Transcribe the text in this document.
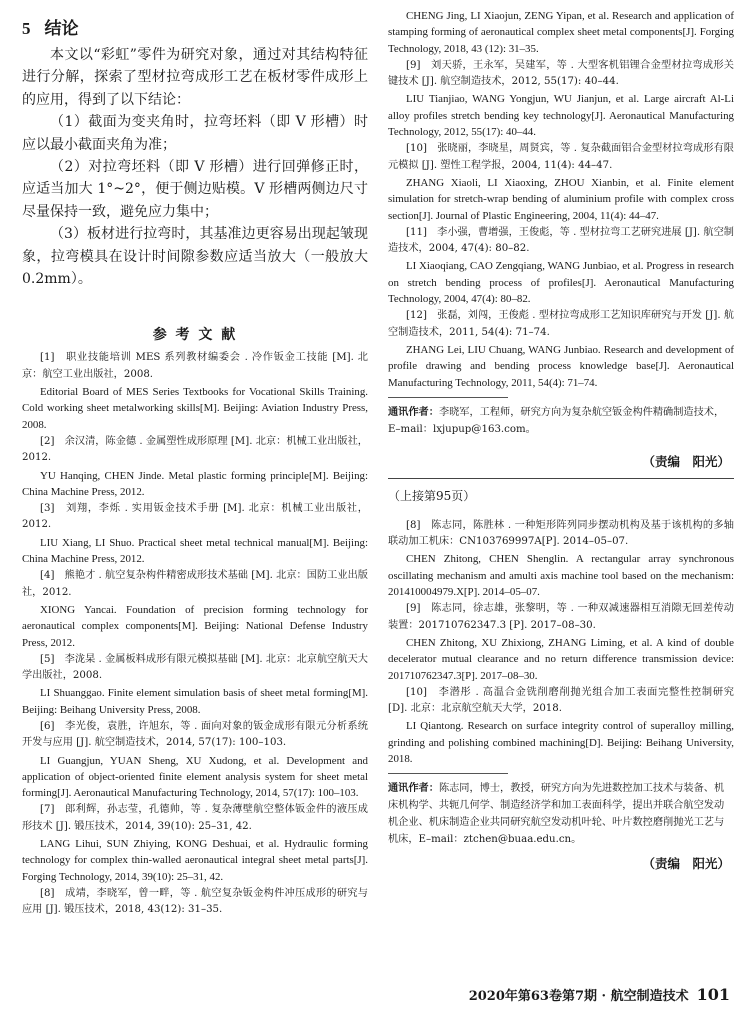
5 结论

本文以“彩虹”零件为研究对象，通过对其结构特征进行分解，探索了型材拉弯成形工艺在板材零件成形上的应用，得到了以下结论：

（1）截面为变夹角时，拉弯坯料（即 V 形槽）时应以最小截面夹角为准；

（2）对拉弯坯料（即 V 形槽）进行回弹修正时，应适当加大 1°~2°，便于侧边贴模。V 形槽两侧边尺寸尽量保持一致，避免应力集中；

（3）板材进行拉弯时，其基准边更容易出现起皱现象，拉弯模具在设计时间隙参数应适当放大（一般放大 0.2mm）。

参 考 文 献

[1]　职业技能培训 MES 系列教材编委会 . 冷作钣金工技能 [M]. 北京：航空工业出版社，2008.

Editorial Board of MES Series Textbooks for Vocational Skills Training. Cold working sheet metalworking skills[M]. Beijing: Aviation Industry Press, 2008.

[2]　余汉清，陈金德 . 金属塑性成形原理 [M]. 北京：机械工业出版社，2012.

YU Hanqing, CHEN Jinde. Metal plastic forming principle[M]. Beijing: China Machine Press, 2012.

[3]　刘翔，李烁 . 实用钣金技术手册 [M]. 北京：机械工业出版社，2012.

LIU Xiang, LI Shuo. Practical sheet metal technical manual[M]. Beijing: China Machine Press, 2012.

[4]　熊艳才 . 航空复杂构件精密成形技术基础 [M]. 北京：国防工业出版社，2012.

XIONG Yancai. Foundation of precision forming technology for aeronautical complex components[M]. Beijing: National Defense Industry Press, 2012.

[5]　李泷杲 . 金属板料成形有限元模拟基础 [M]. 北京：北京航空航天大学出版社，2008.

LI Shuanggao. Finite element simulation basis of sheet metal forming[M]. Beijing: Beihang University Press, 2008.

[6]　李光俊，袁胜，许旭东，等 . 面向对象的钣金成形有限元分析系统开发与应用 [J]. 航空制造技术，2014, 57(17): 100–103.

LI Guangjun, YUAN Sheng, XU Xudong, et al. Development and application of object-oriented finite element analysis system for sheet metal forming[J]. Aeronautical Manufacturing Technology, 2014, 57(17): 100–103.

[7]　郎利辉，孙志莹，孔德帅，等 . 复杂薄壁航空整体钣金件的液压成形技术 [J]. 锻压技术，2014, 39(10): 25–31, 42.

LANG Lihui, SUN Zhiying, KONG Deshuai, et al. Hydraulic forming technology for complex thin-walled aeronautical integral sheet metal parts[J]. Forging Technology, 2014, 39(10): 25–31, 42.

[8]　成靖，李晓军，曾一畔，等 . 航空复杂钣金构件冲压成形的研究与应用 [J]. 锻压技术，2018, 43(12): 31–35.

CHENG Jing, LI Xiaojun, ZENG Yipan, et al. Research and application of stamping forming of aeronautical complex sheet metal components[J]. Forging Technology, 2018, 43 (12): 31–35.

[9]　刘天骄，王永军，吴建军，等 . 大型客机铝锂合金型材拉弯成形关键技术 [J]. 航空制造技术，2012, 55(17): 40–44.

LIU Tianjiao, WANG Yongjun, WU Jianjun, et al. Large aircraft Al-Li alloy profiles stretch bending key technology[J]. Aeronautical Manufacturing Technology, 2012, 55(17): 40–44.

[10]　张晓丽，李晓星，周贤宾，等 . 复杂截面铝合金型材拉弯成形有限元模拟 [J]. 塑性工程学报，2004, 11(4): 44–47.

ZHANG Xiaoli, LI Xiaoxing, ZHOU Xianbin, et al. Finite element simulation for stretch-wrap bending of aluminium profile with complex cross section[J]. Journal of Plastic Engineering, 2004, 11(4): 44–47.

[11]　李小强，曹增强，王俊彪，等 . 型材拉弯工艺研究进展 [J]. 航空制造技术，2004, 47(4): 80–82.

LI Xiaoqiang, CAO Zengqiang, WANG Junbiao, et al. Progress in research on stretch bending process of profiles[J]. Aeronautical Manufacturing Technology, 2004, 47(4): 80–82.

[12]　张磊，刘闯，王俊彪 . 型材拉弯成形工艺知识库研究与开发 [J]. 航空制造技术，2011, 54(4): 71–74.

ZHANG Lei, LIU Chuang, WANG Junbiao. Research and development of profile drawing and bending process knowledge base[J]. Aeronautical Manufacturing Technology, 2011, 54(4): 71–74.

通讯作者：李晓军，工程师，研究方向为复杂航空钣金构件精确制造技术，E–mail：lxjupup@163.com。

（责编　阳光）
（上接第95页）

[8]　陈志同，陈胜林 . 一种矩形阵列同步摆动机构及基于该机构的多轴联动加工机床：CN103769997A[P]. 2014–05–07.

CHEN Zhitong, CHEN Shenglin. A rectangular array synchronous oscillating mechanism and amulti axis machine tool based on the mechanism: 201410004979.X[P]. 2014–05–07.

[9]　陈志同，徐志雄，张黎明，等 . 一种双减速器相互消隙无回差传动装置：201710762347.3 [P]. 2017–08–30.

CHEN Zhitong, XU Zhixiong, ZHANG Liming, et al. A kind of double decelerator mutual clearance and no return difference transmission device: 201710762347.3[P]. 2017–08–30.

[10]　李潜彤 . 高温合金铣削磨削抛光组合加工表面完整性控制研究 [D]. 北京：北京航空航天大学，2018.

LI Qiantong. Research on surface integrity control of superalloy milling, grinding and polishing combined machining[D]. Beijing: Beihang University, 2018.

通讯作者：陈志同，博士，教授，研究方向为先进数控加工技术与装备、机床机构学、共轭几何学、制造经济学和加工表面科学，提出并联合航空发动机企业、机床制造企业共同研究航空发动机叶轮、叶片数控磨削抛光工艺与机床，E–mail：ztchen@buaa.edu.cn。

（责编　阳光）
2020年第63卷第7期 · 航空制造技术 101
